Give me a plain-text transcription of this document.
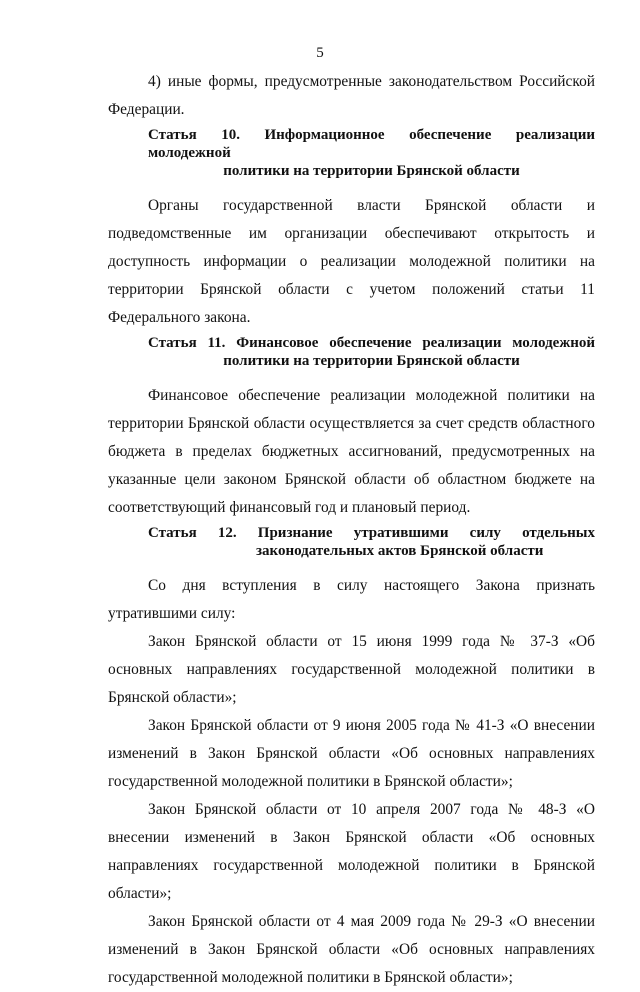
5

4) иные формы, предусмотренные законодательством Российской Федерации.

Статья 10. Информационное обеспечение реализации молодежной
политики на территории Брянской области

Органы государственной власти Брянской области и подведомственные им организации обеспечивают открытость и доступность информации о реализации молодежной политики на территории Брянской области с учетом положений статьи 11 Федерального закона.

Статья 11. Финансовое обеспечение реализации молодежной
политики на территории Брянской области

Финансовое обеспечение реализации молодежной политики на территории Брянской области осуществляется за счет средств областного бюджета в пределах бюджетных ассигнований, предусмотренных на указанные цели законом Брянской области об областном бюджете на соответствующий финансовый год и плановый период.

Статья 12. Признание утратившими силу отдельных
законодательных актов Брянской области

Со дня вступления в силу настоящего Закона признать утратившими силу:

Закон Брянской области от 15 июня 1999 года № 37-З «Об основных направлениях государственной молодежной политики в Брянской области»;

Закон Брянской области от 9 июня 2005 года № 41-З «О внесении изменений в Закон Брянской области «Об основных направлениях государственной молодежной политики в Брянской области»;

Закон Брянской области от 10 апреля 2007 года № 48-З «О внесении изменений в Закон Брянской области «Об основных направлениях государственной молодежной политики в Брянской области»;

Закон Брянской области от 4 мая 2009 года № 29-З «О внесении изменений в Закон Брянской области «Об основных направлениях государственной молодежной политики в Брянской области»;
